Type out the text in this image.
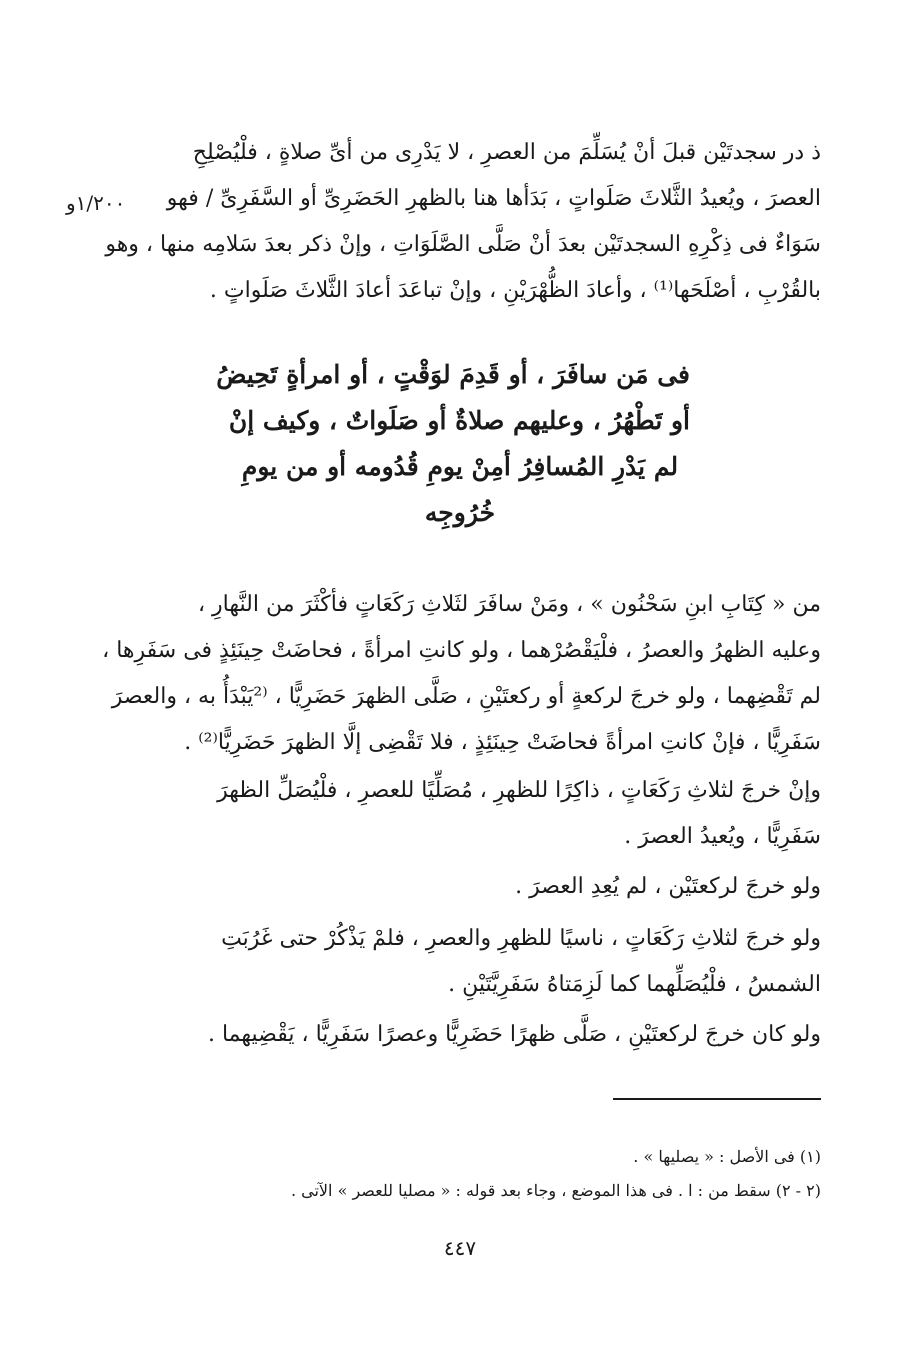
ذ در سجدتَيْن قبلَ أنْ يُسَلِّمَ من العصرِ ، لا يَدْرِى من أىِّ صلاةٍ ، فلْيُصْلِحِ
العصرَ ، ويُعيدُ الثَّلاثَ صَلَواتٍ ، بَدَأها هنا بالظهرِ الحَضَرِىِّ أو السَّفَرِىِّ / فهو
سَوَاءٌ فى ذِكْرِهِ السجدتَيْن بعدَ أنْ صَلَّى الصَّلَوَاتِ ، وإنْ ذكر بعدَ سَلامِه منها ، وهو
بالقُرْبِ ، أصْلَحَها⁽¹⁾ ، وأعادَ الظُّهْرَيْنِ ، وإنْ تباعَدَ أعادَ الثَّلاثَ صَلَواتٍ .
١/٢٠٠و
فى مَن سافَرَ ، أو قَدِمَ لوَقْتٍ ، أو امرأةٍ تَحِيضُ
أو تَطْهُرُ ، وعليهم صلاةٌ أو صَلَواتٌ ، وكيف إنْ
لم يَدْرِ المُسافِرُ أمِنْ يومِ قُدُومه أو من يومِ
خُرُوجِه
من « كِتَابِ ابنِ سَحْنُون » ، ومَنْ سافَرَ لثَلاثِ رَكَعَاتٍ فأكْثَرَ من النَّهارِ ،
وعليه الظهرُ والعصرُ ، فلْيَقْصُرْهما ، ولو كانتِ امرأةً ، فحاضَتْ حِينَئِذٍ فى سَفَرِها ،
لم تَقْضِهما ، ولو خرجَ لركعةٍ أو ركعتَيْنِ ، صَلَّى الظهرَ حَضَرِيًّا ، ⁽²يَبْدَأُ به ، والعصرَ
سَفَرِيًّا ، فإنْ كانتِ امرأةً فحاضَتْ حِينَئِذٍ ، فلا تَقْضِى إلَّا الظهرَ حَضَرِيًّا⁽²⁾ .
وإنْ خرجَ لثلاثِ رَكَعَاتٍ ، ذاكِرًا للظهرِ ، مُصَلِّيًا للعصرِ ، فلْيُصَلِّ الظهرَ
سَفَرِيًّا ، ويُعيدُ العصرَ .
ولو خرجَ لركعتَيْن ، لم يُعِدِ العصرَ .
ولو خرجَ لثلاثِ رَكَعَاتٍ ، ناسيًا للظهرِ والعصرِ ، فلمْ يَذْكُرْ حتى غَرُبَتِ
الشمسُ ، فلْيُصَلِّهما كما لَزِمَتاهُ سَفَرِيَّتَيْنِ .
ولو كان خرجَ لركعتَيْنِ ، صَلَّى ظهرًا حَضَرِيًّا وعصرًا سَفَرِيًّا ، يَقْضِيهما .
(١) فى الأصل : « يصليها » .
(٢ - ٢) سقط من : ا . فى هذا الموضع ، وجاء بعد قوله : « مصليا للعصر » الآتى .
٤٤٧
